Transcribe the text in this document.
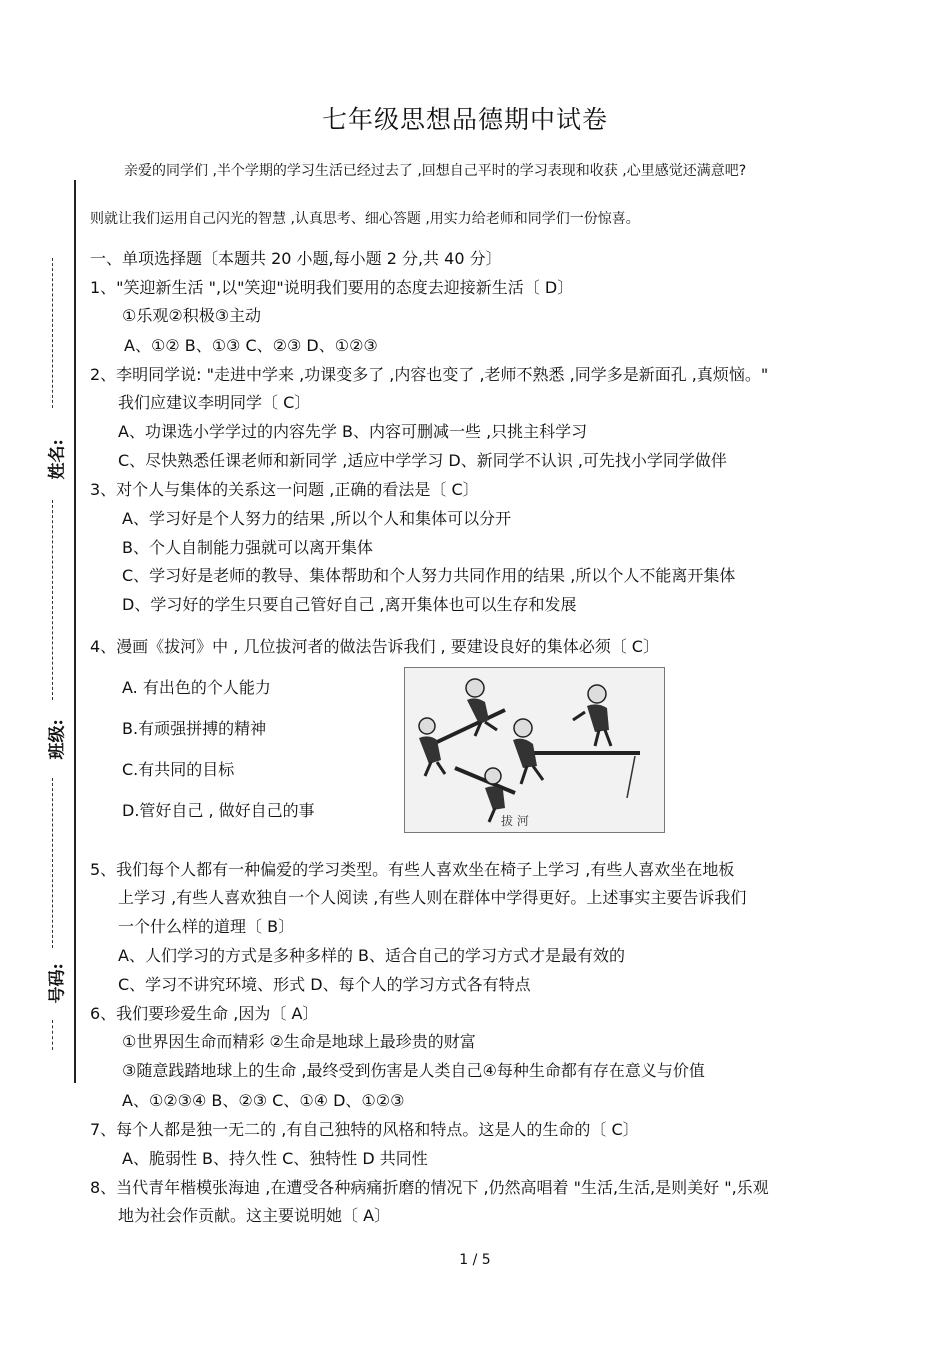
七年级思想品德期中试卷
亲爱的同学们 ,半个学期的学习生活已经过去了 ,回想自己平时的学习表现和收获 ,心里感觉还满意吧?
则就让我们运用自己闪光的智慧 ,认真思考、细心答题 ,用实力给老师和同学们一份惊喜。
姓名:
班级:
号码:
一、单项选择题〔本题共 20 小题,每小题 2 分,共 40 分〕
1、"笑迎新生活 ",以"笑迎"说明我们要用的态度去迎接新生活〔 D〕
①乐观②积极③主动
A、①② B、①③ C、②③ D、①②③
2、李明同学说: "走进中学来 ,功课变多了 ,内容也变了 ,老师不熟悉 ,同学多是新面孔 ,真烦恼。"
我们应建议李明同学〔 C〕
A、功课选小学学过的内容先学 B、内容可删减一些 ,只挑主科学习
C、尽快熟悉任课老师和新同学 ,适应中学学习 D、新同学不认识 ,可先找小学同学做伴
3、对个人与集体的关系这一问题 ,正确的看法是〔 C〕
A、学习好是个人努力的结果 ,所以个人和集体可以分开
B、个人自制能力强就可以离开集体
C、学习好是老师的教导、集体帮助和个人努力共同作用的结果 ,所以个人不能离开集体
D、学习好的学生只要自己管好自己 ,离开集体也可以生存和发展
4、漫画《拔河》中 , 几位拔河者的做法告诉我们 , 要建设良好的集体必须〔 C〕
A. 有出色的个人能力
B.有顽强拼搏的精神
C.有共同的目标
D.管好自己 , 做好自己的事
拔 河
5、我们每个人都有一种偏爱的学习类型。有些人喜欢坐在椅子上学习 ,有些人喜欢坐在地板
上学习 ,有些人喜欢独自一个人阅读 ,有些人则在群体中学得更好。上述事实主要告诉我们
一个什么样的道理〔 B〕
A、人们学习的方式是多种多样的 B、适合自己的学习方式才是最有效的
C、学习不讲究环境、形式 D、每个人的学习方式各有特点
6、我们要珍爱生命 ,因为〔 A〕
①世界因生命而精彩 ②生命是地球上最珍贵的财富
③随意践踏地球上的生命 ,最终受到伤害是人类自己④每种生命都有存在意义与价值
A、①②③④ B、②③ C、①④ D、①②③
7、每个人都是独一无二的 ,有自己独特的风格和特点。这是人的生命的〔 C〕
A、脆弱性 B、持久性 C、独特性 D 共同性
8、当代青年楷模张海迪 ,在遭受各种病痛折磨的情况下 ,仍然高唱着 "生活,生活,是则美好 ",乐观
地为社会作贡献。这主要说明她〔 A〕
1 / 5
